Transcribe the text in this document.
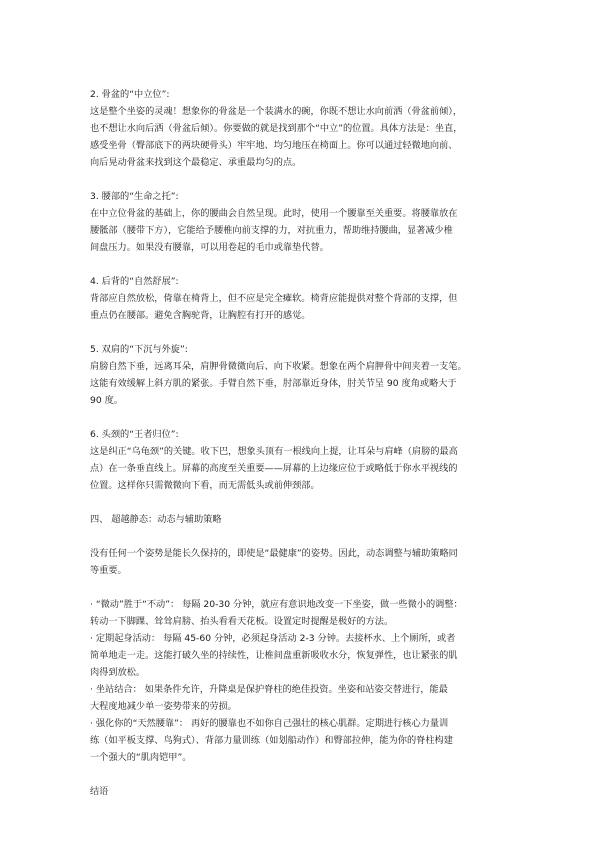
2. 骨盆的“中立位”:
这是整个坐姿的灵魂！想象你的骨盆是一个装满水的碗，你既不想让水向前洒（骨盆前倾），
也不想让水向后洒（骨盆后倾）。你要做的就是找到那个“中立”的位置。具体方法是：坐直，
感受坐骨（臀部底下的两块硬骨头）牢牢地、均匀地压在椅面上。你可以通过轻微地向前、
向后晃动骨盆来找到这个最稳定、承重最均匀的点。
3. 腰部的“生命之托”:
在中立位骨盆的基础上，你的腰曲会自然呈现。此时，使用一个腰靠至关重要。将腰靠放在
腰骶部（腰带下方），它能给予腰椎向前支撑的力，对抗重力，帮助维持腰曲，显著减少椎
间盘压力。如果没有腰靠，可以用卷起的毛巾或靠垫代替。
4. 后背的“自然舒展”:
背部应自然放松，倚靠在椅背上，但不应是完全瘫软。椅背应能提供对整个背部的支撑，但
重点仍在腰部。避免含胸驼背，让胸腔有打开的感觉。
5. 双肩的“下沉与外旋”:
肩膀自然下垂，远离耳朵，肩胛骨微微向后、向下收紧。想象在两个肩胛骨中间夹着一支笔。
这能有效缓解上斜方肌的紧张。手臂自然下垂，肘部靠近身体，肘关节呈 90 度角或略大于
90 度。
6. 头颈的“王者归位”:
这是纠正“乌龟颈”的关键。收下巴，想象头顶有一根线向上提，让耳朵与肩峰（肩膀的最高
点）在一条垂直线上。屏幕的高度至关重要——屏幕的上边缘应位于或略低于你水平视线的
位置。这样你只需微微向下看，而无需低头或前伸颈部。
四、 超越静态：动态与辅助策略
没有任何一个姿势是能长久保持的，即使是“最健康”的姿势。因此，动态调整与辅助策略同
等重要。
· “微动”胜于“不动”： 每隔 20-30 分钟，就应有意识地改变一下坐姿，做一些微小的调整：
转动一下脚踝、耸耸肩膀、抬头看看天花板。设置定时提醒是极好的方法。
· 定期起身活动： 每隔 45-60 分钟，必须起身活动 2-3 分钟。去接杯水、上个厕所，或者
简单地走一走。这能打破久坐的持续性，让椎间盘重新吸收水分，恢复弹性，也让紧张的肌
肉得到放松。
· 坐站结合： 如果条件允许，升降桌是保护脊柱的绝佳投资。坐姿和站姿交替进行，能最
大程度地减少单一姿势带来的劳损。
· 强化你的“天然腰靠”： 再好的腰靠也不如你自己强壮的核心肌群。定期进行核心力量训
练（如平板支撑、鸟狗式）、背部力量训练（如划船动作）和臀部拉伸，能为你的脊柱构建
一个强大的“肌肉铠甲”。
结语
